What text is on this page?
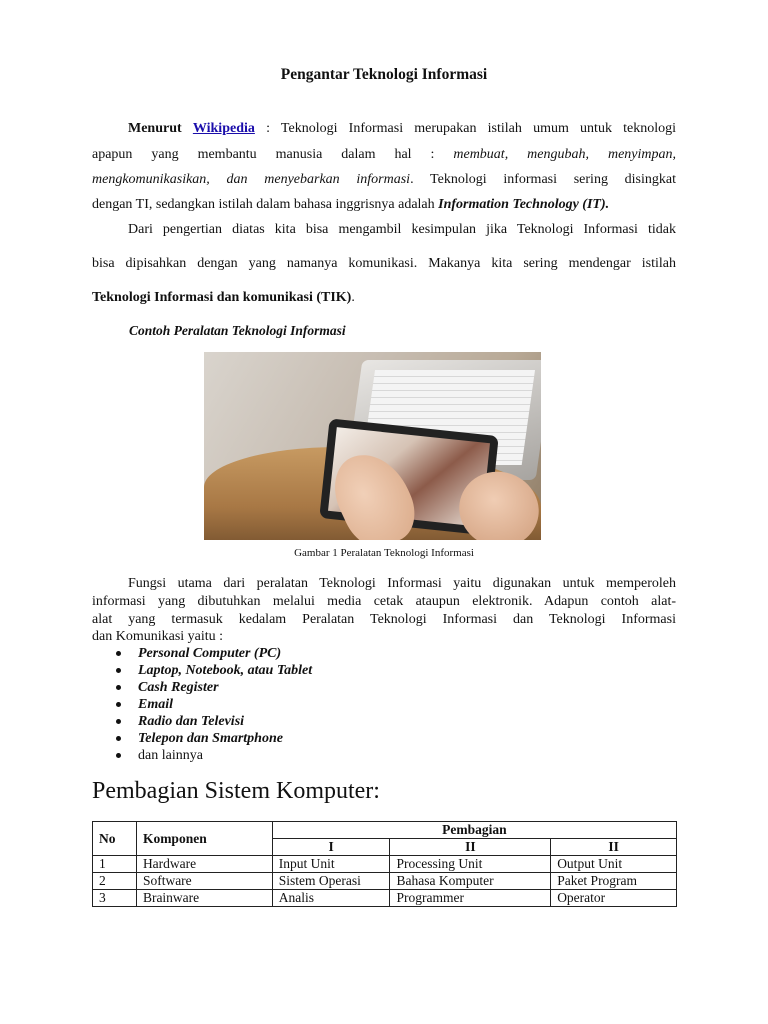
Pengantar Teknologi Informasi

Menurut Wikipedia : Teknologi Informasi merupakan istilah umum untuk teknologi

apapun yang membantu manusia dalam hal : membuat, mengubah, menyimpan,

mengkomunikasikan, dan menyebarkan informasi. Teknologi informasi sering disingkat

dengan TI, sedangkan istilah dalam bahasa inggrisnya adalah Information Technology (IT).

Dari pengertian diatas kita bisa mengambil kesimpulan jika Teknologi Informasi tidak

bisa dipisahkan dengan yang namanya komunikasi. Makanya kita sering mendengar istilah

Teknologi Informasi dan komunikasi (TIK).

Contoh Peralatan Teknologi Informasi
Gambar 1 Peralatan Teknologi Informasi

Fungsi utama dari peralatan Teknologi Informasi yaitu digunakan untuk memperoleh

informasi yang dibutuhkan melalui media cetak ataupun elektronik. Adapun contoh alat-

alat yang termasuk kedalam Peralatan Teknologi Informasi dan Teknologi Informasi

dan Komunikasi yaitu :

Personal Computer (PC)
Laptop, Notebook, atau Tablet
Cash Register
Email
Radio dan Televisi
Telepon dan Smartphone
dan lainnya
Pembagian Sistem Komputer:
No	Komponen	Pembagian		
		I	II	II
1	Hardware	Input Unit	Processing Unit	Output Unit
2	Software	Sistem Operasi	Bahasa Komputer	Paket Program
3	Brainware	Analis	Programmer	Operator
